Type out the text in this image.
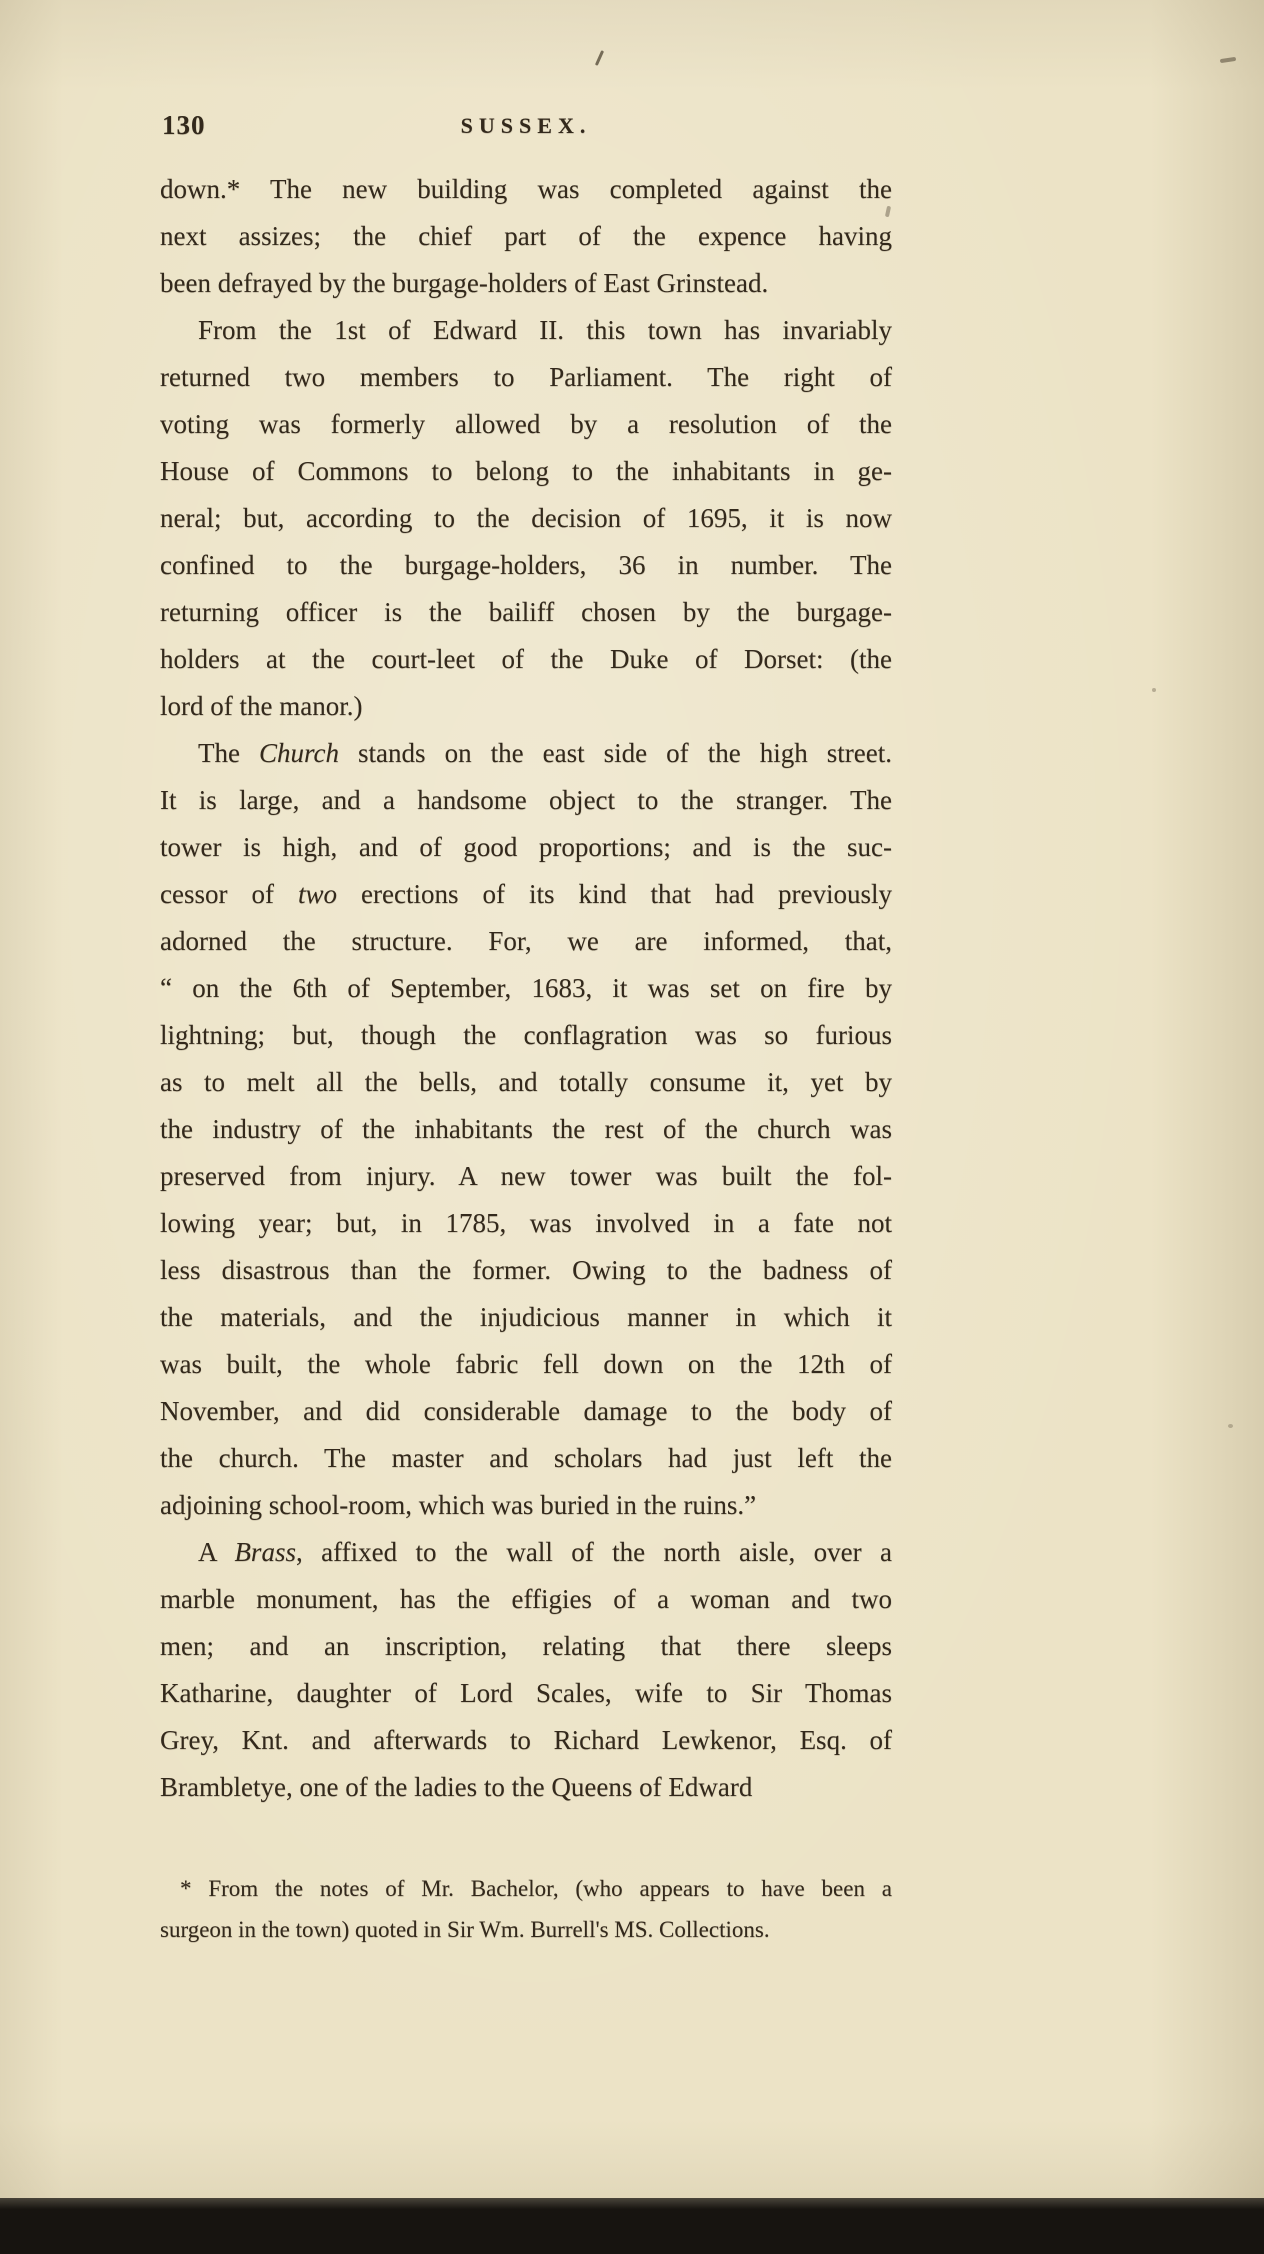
130	SUSSEX.
down.* The new building was completed against the
next assizes; the chief part of the expence having
been defrayed by the burgage-holders of East Grinstead.
From the 1st of Edward II. this town has invariably
returned two members to Parliament. The right of
voting was formerly allowed by a resolution of the
House of Commons to belong to the inhabitants in ge-
neral; but, according to the decision of 1695, it is now
confined to the burgage-holders, 36 in number. The
returning officer is the bailiff chosen by the burgage-
holders at the court-leet of the Duke of Dorset: (the
lord of the manor.)
The Church stands on the east side of the high street.
It is large, and a handsome object to the stranger. The
tower is high, and of good proportions; and is the suc-
cessor of two erections of its kind that had previously
adorned the structure. For, we are informed, that,
“ on the 6th of September, 1683, it was set on fire by
lightning; but, though the conflagration was so furious
as to melt all the bells, and totally consume it, yet by
the industry of the inhabitants the rest of the church was
preserved from injury. A new tower was built the fol-
lowing year; but, in 1785, was involved in a fate not
less disastrous than the former. Owing to the badness of
the materials, and the injudicious manner in which it
was built, the whole fabric fell down on the 12th of
November, and did considerable damage to the body of
the church. The master and scholars had just left the
adjoining school-room, which was buried in the ruins.”
A Brass, affixed to the wall of the north aisle, over a
marble monument, has the effigies of a woman and two
men; and an inscription, relating that there sleeps
Katharine, daughter of Lord Scales, wife to Sir Thomas
Grey, Knt. and afterwards to Richard Lewkenor, Esq. of
Brambletye, one of the ladies to the Queens of Edward
* From the notes of Mr. Bachelor, (who appears to have been a
surgeon in the town) quoted in Sir Wm. Burrell's MS. Collections.
